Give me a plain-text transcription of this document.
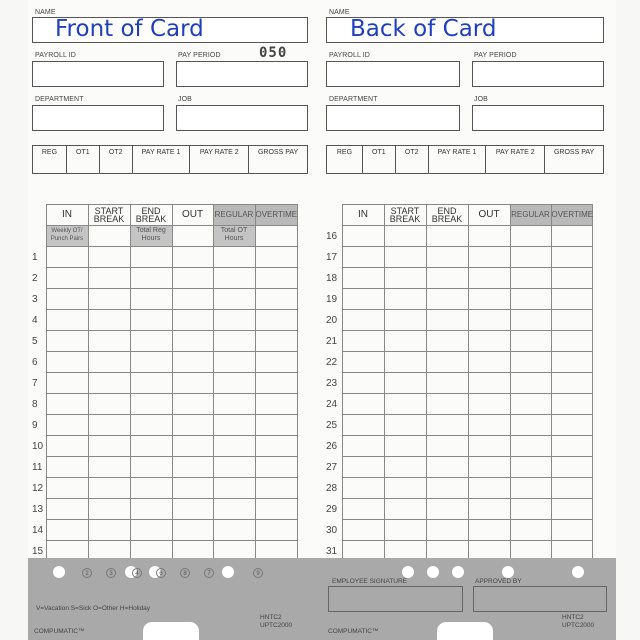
NAME
Front of Card
PAYROLL ID	PAY PERIOD	050
DEPARTMENT	JOB
REG	OT1	OT2	PAY RATE 1	PAY RATE 2	GROSS PAY
	IN	START BREAK	END BREAK	OUT	REGULAR	OVERTIME
	Weekly OT/ Punch Pairs		Total Reg Hours		Total OT Hours	
1						
2						
3						
4						
5						
6						
7						
8						
9						
10						
11						
12						
13						
14						
15						
2	3	4	6	8	7	9
V=Vacation S=Sick O=Other H=Holiday
HNTC2
UPTC2000
COMPUMATIC™
NAME
Back of Card
PAYROLL ID	PAY PERIOD
DEPARTMENT	JOB
REG	OT1	OT2	PAY RATE 1	PAY RATE 2	GROSS PAY
	IN	START BREAK	END BREAK	OUT	REGULAR	OVERTIME
16						
17						
18						
19						
20						
21						
22						
23						
24						
25						
26						
27						
28						
29						
30						
31						
EMPLOYEE SIGNATURE	APPROVED BY
HNTC2
UPTC2000
COMPUMATIC™
